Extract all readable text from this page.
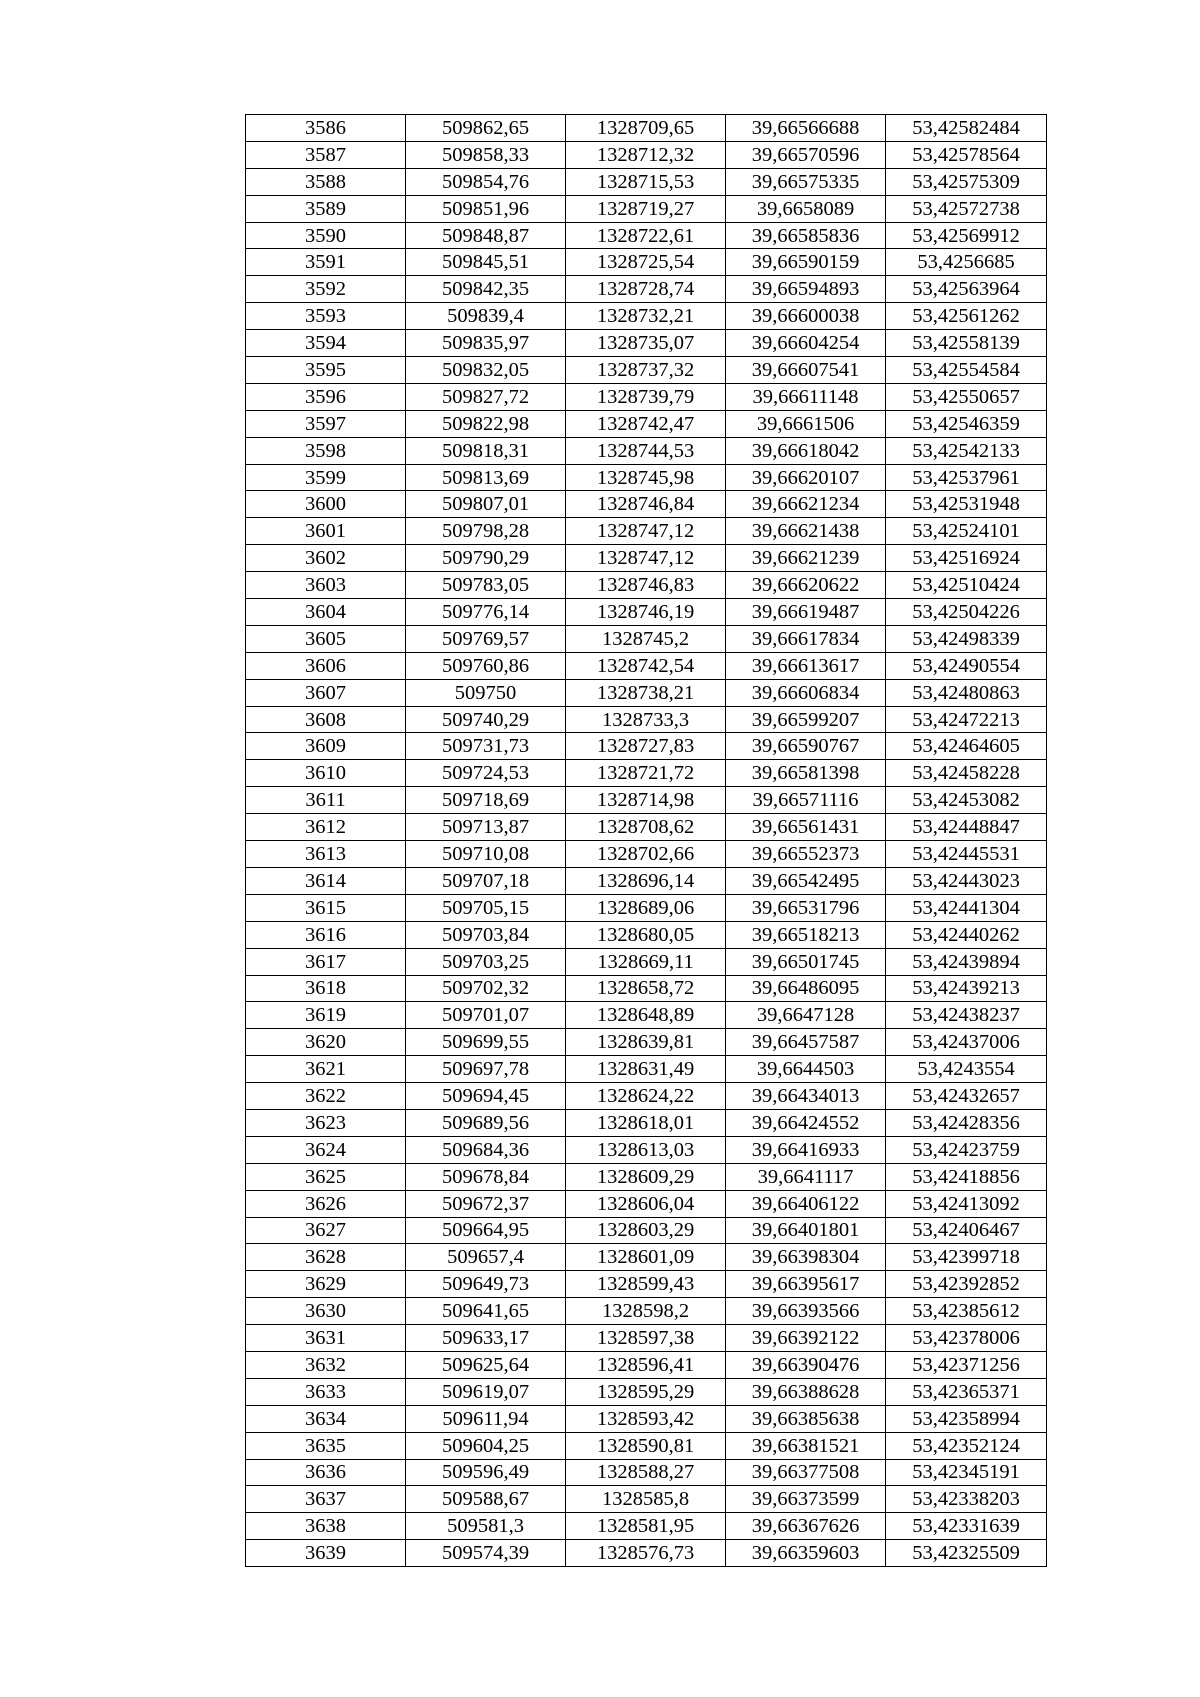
3586	509862,65	1328709,65	39,66566688	53,42582484
3587	509858,33	1328712,32	39,66570596	53,42578564
3588	509854,76	1328715,53	39,66575335	53,42575309
3589	509851,96	1328719,27	39,6658089	53,42572738
3590	509848,87	1328722,61	39,66585836	53,42569912
3591	509845,51	1328725,54	39,66590159	53,4256685
3592	509842,35	1328728,74	39,66594893	53,42563964
3593	509839,4	1328732,21	39,66600038	53,42561262
3594	509835,97	1328735,07	39,66604254	53,42558139
3595	509832,05	1328737,32	39,66607541	53,42554584
3596	509827,72	1328739,79	39,66611148	53,42550657
3597	509822,98	1328742,47	39,6661506	53,42546359
3598	509818,31	1328744,53	39,66618042	53,42542133
3599	509813,69	1328745,98	39,66620107	53,42537961
3600	509807,01	1328746,84	39,66621234	53,42531948
3601	509798,28	1328747,12	39,66621438	53,42524101
3602	509790,29	1328747,12	39,66621239	53,42516924
3603	509783,05	1328746,83	39,66620622	53,42510424
3604	509776,14	1328746,19	39,66619487	53,42504226
3605	509769,57	1328745,2	39,66617834	53,42498339
3606	509760,86	1328742,54	39,66613617	53,42490554
3607	509750	1328738,21	39,66606834	53,42480863
3608	509740,29	1328733,3	39,66599207	53,42472213
3609	509731,73	1328727,83	39,66590767	53,42464605
3610	509724,53	1328721,72	39,66581398	53,42458228
3611	509718,69	1328714,98	39,66571116	53,42453082
3612	509713,87	1328708,62	39,66561431	53,42448847
3613	509710,08	1328702,66	39,66552373	53,42445531
3614	509707,18	1328696,14	39,66542495	53,42443023
3615	509705,15	1328689,06	39,66531796	53,42441304
3616	509703,84	1328680,05	39,66518213	53,42440262
3617	509703,25	1328669,11	39,66501745	53,42439894
3618	509702,32	1328658,72	39,66486095	53,42439213
3619	509701,07	1328648,89	39,6647128	53,42438237
3620	509699,55	1328639,81	39,66457587	53,42437006
3621	509697,78	1328631,49	39,6644503	53,4243554
3622	509694,45	1328624,22	39,66434013	53,42432657
3623	509689,56	1328618,01	39,66424552	53,42428356
3624	509684,36	1328613,03	39,66416933	53,42423759
3625	509678,84	1328609,29	39,6641117	53,42418856
3626	509672,37	1328606,04	39,66406122	53,42413092
3627	509664,95	1328603,29	39,66401801	53,42406467
3628	509657,4	1328601,09	39,66398304	53,42399718
3629	509649,73	1328599,43	39,66395617	53,42392852
3630	509641,65	1328598,2	39,66393566	53,42385612
3631	509633,17	1328597,38	39,66392122	53,42378006
3632	509625,64	1328596,41	39,66390476	53,42371256
3633	509619,07	1328595,29	39,66388628	53,42365371
3634	509611,94	1328593,42	39,66385638	53,42358994
3635	509604,25	1328590,81	39,66381521	53,42352124
3636	509596,49	1328588,27	39,66377508	53,42345191
3637	509588,67	1328585,8	39,66373599	53,42338203
3638	509581,3	1328581,95	39,66367626	53,42331639
3639	509574,39	1328576,73	39,66359603	53,42325509
